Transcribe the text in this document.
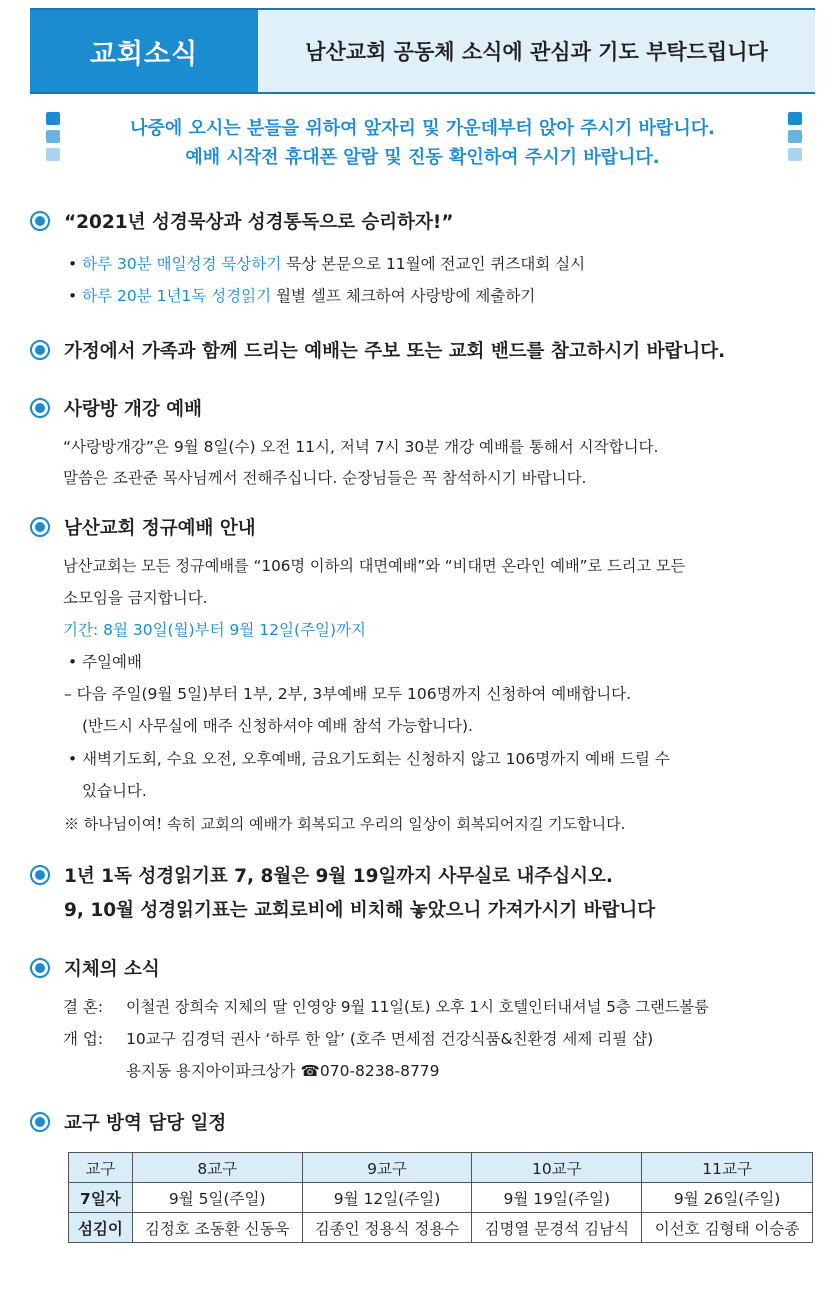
교회소식	남산교회 공동체 소식에 관심과 기도 부탁드립니다
나중에 오시는 분들을 위하여 앞자리 및 가운데부터 앉아 주시기 바랍니다.
예배 시작전 휴대폰 알람 및 진동 확인하여 주시기 바랍니다.
“2021년 성경묵상과 성경통독으로 승리하자!”
• 하루 30분 매일성경 묵상하기 묵상 본문으로 11월에 전교인 퀴즈대회 실시
• 하루 20분 1년1독 성경읽기 월별 셀프 체크하여 사랑방에 제출하기
가정에서 가족과 함께 드리는 예배는 주보 또는 교회 밴드를 참고하시기 바랍니다.
사랑방 개강 예배
“사랑방개강”은 9월 8일(수) 오전 11시, 저녁 7시 30분 개강 예배를 통해서 시작합니다.
말씀은 조관준 목사님께서 전해주십니다. 순장님들은 꼭 참석하시기 바랍니다.
남산교회 정규예배 안내
남산교회는 모든 정규예배를 “106명 이하의 대면예배”와 “비대면 온라인 예배”로 드리고 모든
소모임을 금지합니다.
기간: 8월 30일(월)부터 9월 12일(주일)까지
• 주일예배
– 다음 주일(9월 5일)부터 1부, 2부, 3부예배 모두 106명까지 신청하여 예배합니다.
(반드시 사무실에 매주 신청하셔야 예배 참석 가능합니다).
• 새벽기도회, 수요 오전, 오후예배, 금요기도회는 신청하지 않고 106명까지 예배 드릴 수
있습니다.
※ 하나님이여! 속히 교회의 예배가 회복되고 우리의 일상이 회복되어지길 기도합니다.
1년 1독 성경읽기표 7, 8월은 9월 19일까지 사무실로 내주십시오.
9, 10월 성경읽기표는 교회로비에 비치해 놓았으니 가져가시기 바랍니다
지체의 소식
결 혼: 이철권 장희숙 지체의 딸 인영양 9월 11일(토) 오후 1시 호텔인터내셔널 5층 그랜드볼룸
개 업: 10교구 김경덕 권사 ‘하루 한 알’ (호주 면세점 건강식품&친환경 세제 리필 샵)
용지동 용지아이파크상가 ☎070-8238-8779
교구 방역 담당 일정
교구	8교구	9교구	10교구	11교구
7일자	9월 5일(주일)	9월 12일(주일)	9월 19일(주일)	9월 26일(주일)
섬김이	김정호 조동환 신동욱	김종인 정용식 정용수	김명열 문경석 김남식	이선호 김형태 이승종
